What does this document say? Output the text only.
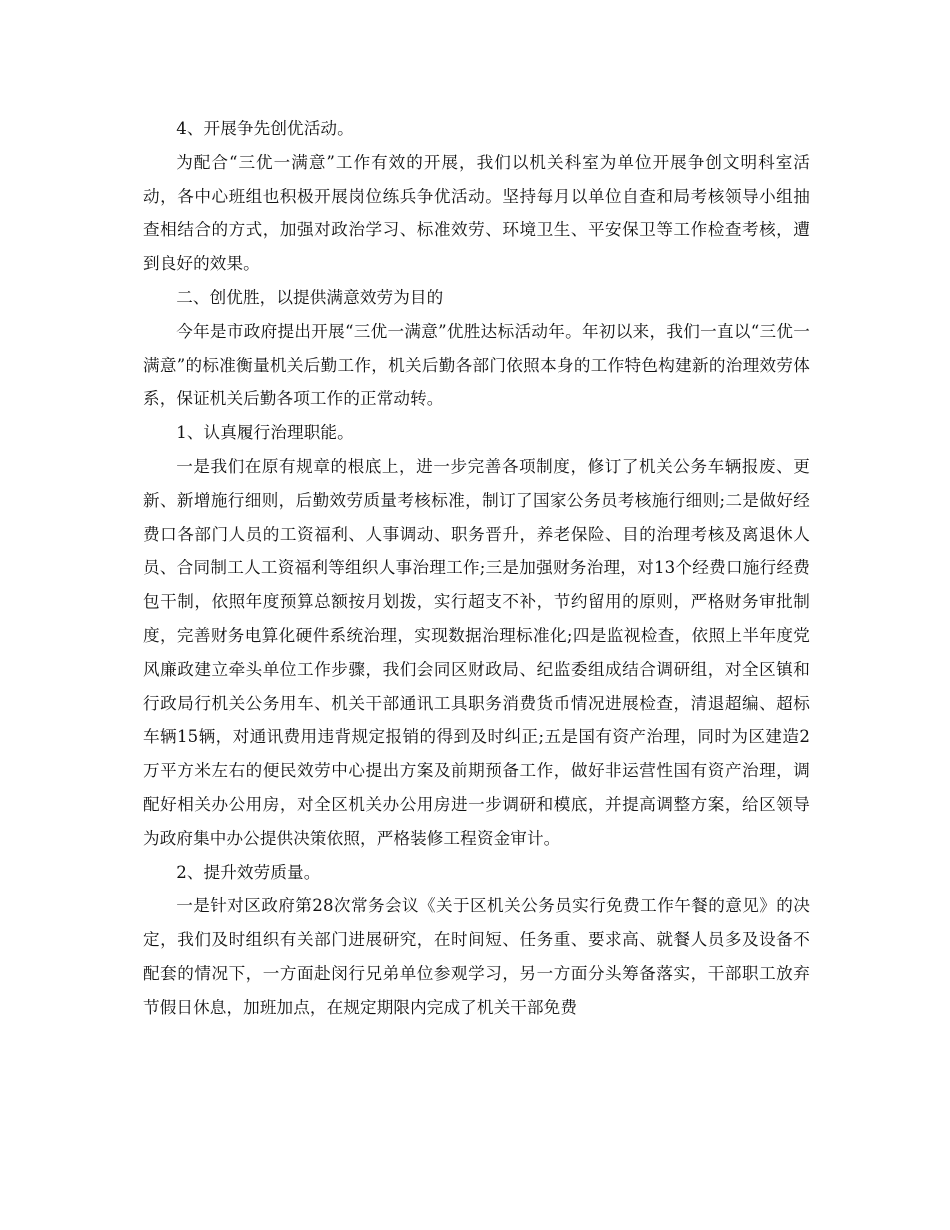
4、开展争先创优活动。

为配合“三优一满意”工作有效的开展，我们以机关科室为单位开展争创文明科室活动，各中心班组也积极开展岗位练兵争优活动。坚持每月以单位自查和局考核领导小组抽查相结合的方式，加强对政治学习、标准效劳、环境卫生、平安保卫等工作检查考核，遭到良好的效果。

二、创优胜，以提供满意效劳为目的

今年是市政府提出开展“三优一满意”优胜达标活动年。年初以来，我们一直以“三优一满意”的标准衡量机关后勤工作，机关后勤各部门依照本身的工作特色构建新的治理效劳体系，保证机关后勤各项工作的正常动转。

1、认真履行治理职能。

一是我们在原有规章的根底上，进一步完善各项制度，修订了机关公务车辆报废、更新、新增施行细则，后勤效劳质量考核标准，制订了国家公务员考核施行细则;二是做好经费口各部门人员的工资福利、人事调动、职务晋升，养老保险、目的治理考核及离退休人员、合同制工人工资福利等组织人事治理工作;三是加强财务治理，对13个经费口施行经费包干制，依照年度预算总额按月划拨，实行超支不补，节约留用的原则，严格财务审批制度，完善财务电算化硬件系统治理，实现数据治理标准化;四是监视检查，依照上半年度党风廉政建立牵头单位工作步骤，我们会同区财政局、纪监委组成结合调研组，对全区镇和行政局行机关公务用车、机关干部通讯工具职务消费货币情况进展检查，清退超编、超标车辆15辆，对通讯费用违背规定报销的得到及时纠正;五是国有资产治理，同时为区建造2万平方米左右的便民效劳中心提出方案及前期预备工作，做好非运营性国有资产治理，调配好相关办公用房，对全区机关办公用房进一步调研和模底，并提高调整方案，给区领导为政府集中办公提供决策依照，严格装修工程资金审计。

2、提升效劳质量。

一是针对区政府第28次常务会议《关于区机关公务员实行免费工作午餐的意见》的决定，我们及时组织有关部门进展研究，在时间短、任务重、要求高、就餐人员多及设备不配套的情况下，一方面赴闵行兄弟单位参观学习，另一方面分头筹备落实，干部职工放弃节假日休息，加班加点，在规定期限内完成了机关干部免费
